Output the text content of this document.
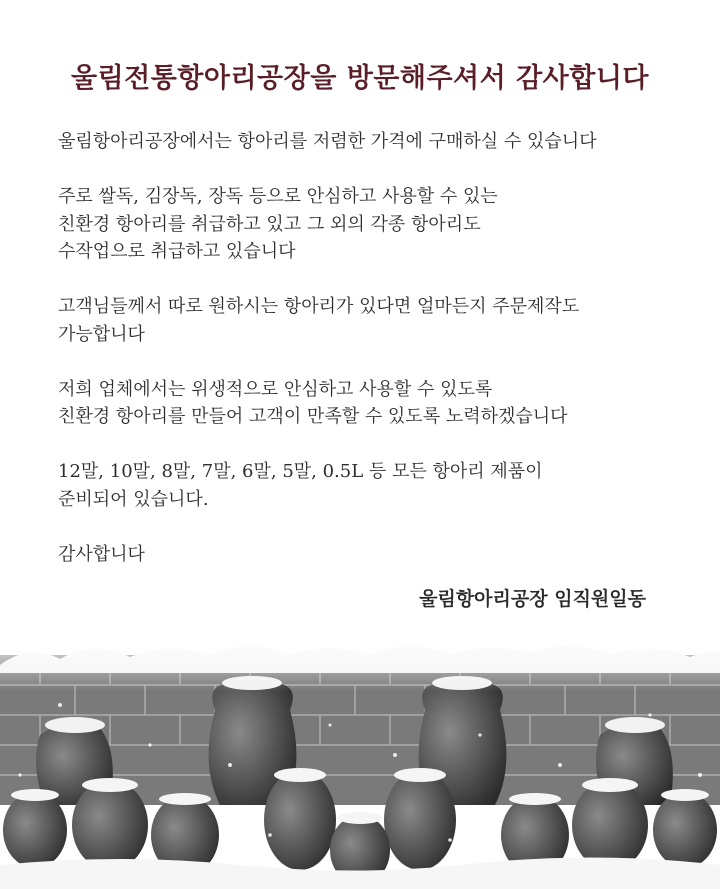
울림전통항아리공장을 방문해주셔서 감사합니다

울림항아리공장에서는 항아리를 저렴한 가격에 구매하실 수 있습니다

주로 쌀독, 김장독, 장독 등으로 안심하고 사용할 수 있는
친환경 항아리를 취급하고 있고 그 외의 각종 항아리도
수작업으로 취급하고 있습니다

고객님들께서 따로 원하시는 항아리가 있다면 얼마든지 주문제작도
가능합니다

저희 업체에서는 위생적으로 안심하고 사용할 수 있도록
친환경 항아리를 만들어 고객이 만족할 수 있도록 노력하겠습니다

12말, 10말, 8말, 7말, 6말, 5말, 0.5L 등 모든 항아리 제품이
준비되어 있습니다.

감사합니다

울림항아리공장 임직원일동
